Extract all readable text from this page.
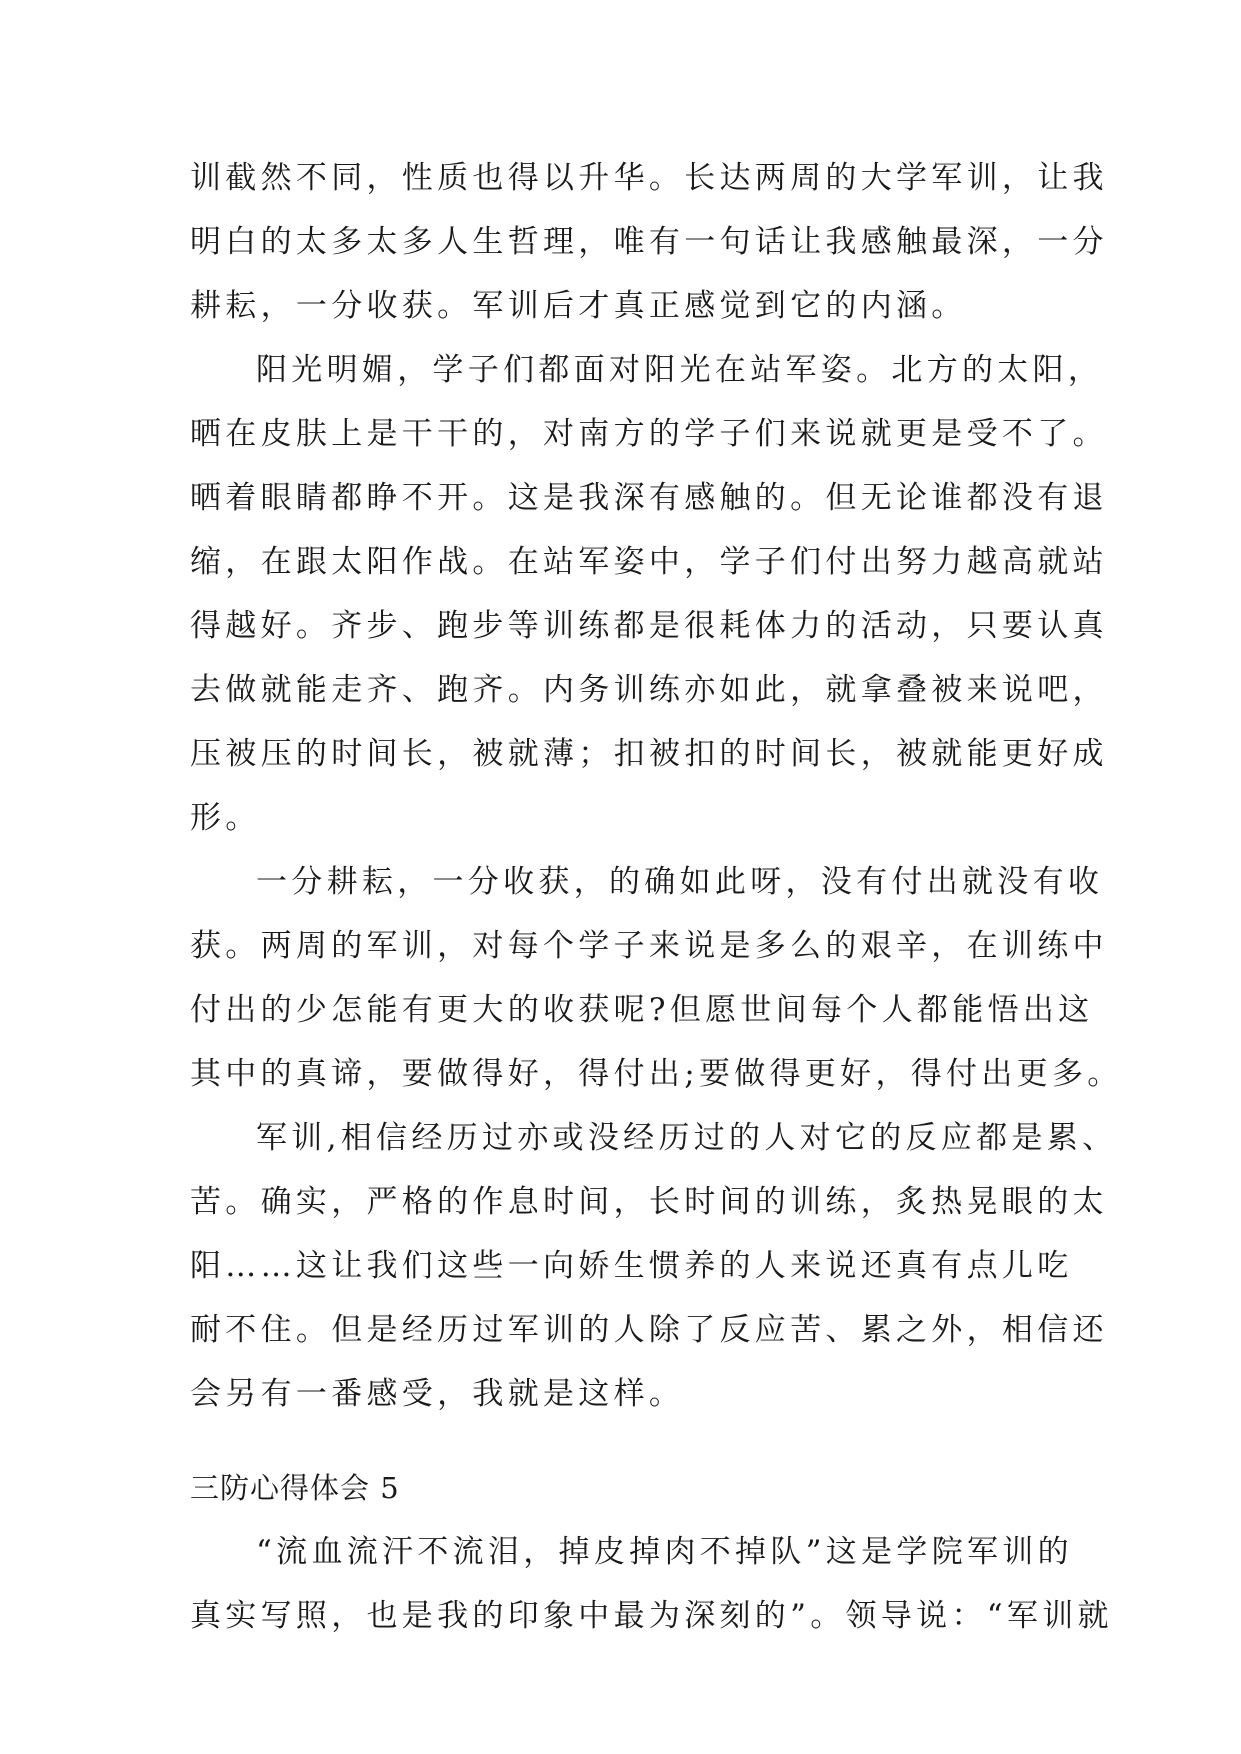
训截然不同，性质也得以升华。长达两周的大学军训，让我
明白的太多太多人生哲理，唯有一句话让我感触最深，一分
耕耘，一分收获。军训后才真正感觉到它的内涵。
阳光明媚，学子们都面对阳光在站军姿。北方的太阳，
晒在皮肤上是干干的，对南方的学子们来说就更是受不了。
晒着眼睛都睁不开。这是我深有感触的。但无论谁都没有退
缩，在跟太阳作战。在站军姿中，学子们付出努力越高就站
得越好。齐步、跑步等训练都是很耗体力的活动，只要认真
去做就能走齐、跑齐。内务训练亦如此，就拿叠被来说吧，
压被压的时间长，被就薄；扣被扣的时间长，被就能更好成
形。
一分耕耘，一分收获，的确如此呀，没有付出就没有收
获。两周的军训，对每个学子来说是多么的艰辛，在训练中
付出的少怎能有更大的收获呢?但愿世间每个人都能悟出这
其中的真谛，要做得好，得付出;要做得更好，得付出更多。
军训,相信经历过亦或没经历过的人对它的反应都是累、
苦。确实，严格的作息时间，长时间的训练，炙热晃眼的太
阳……这让我们这些一向娇生惯养的人来说还真有点儿吃
耐不住。但是经历过军训的人除了反应苦、累之外，相信还
会另有一番感受，我就是这样。
三防心得体会 5
“流血流汗不流泪，掉皮掉肉不掉队”这是学院军训的
真实写照，也是我的印象中最为深刻的”。领导说：“军训就
